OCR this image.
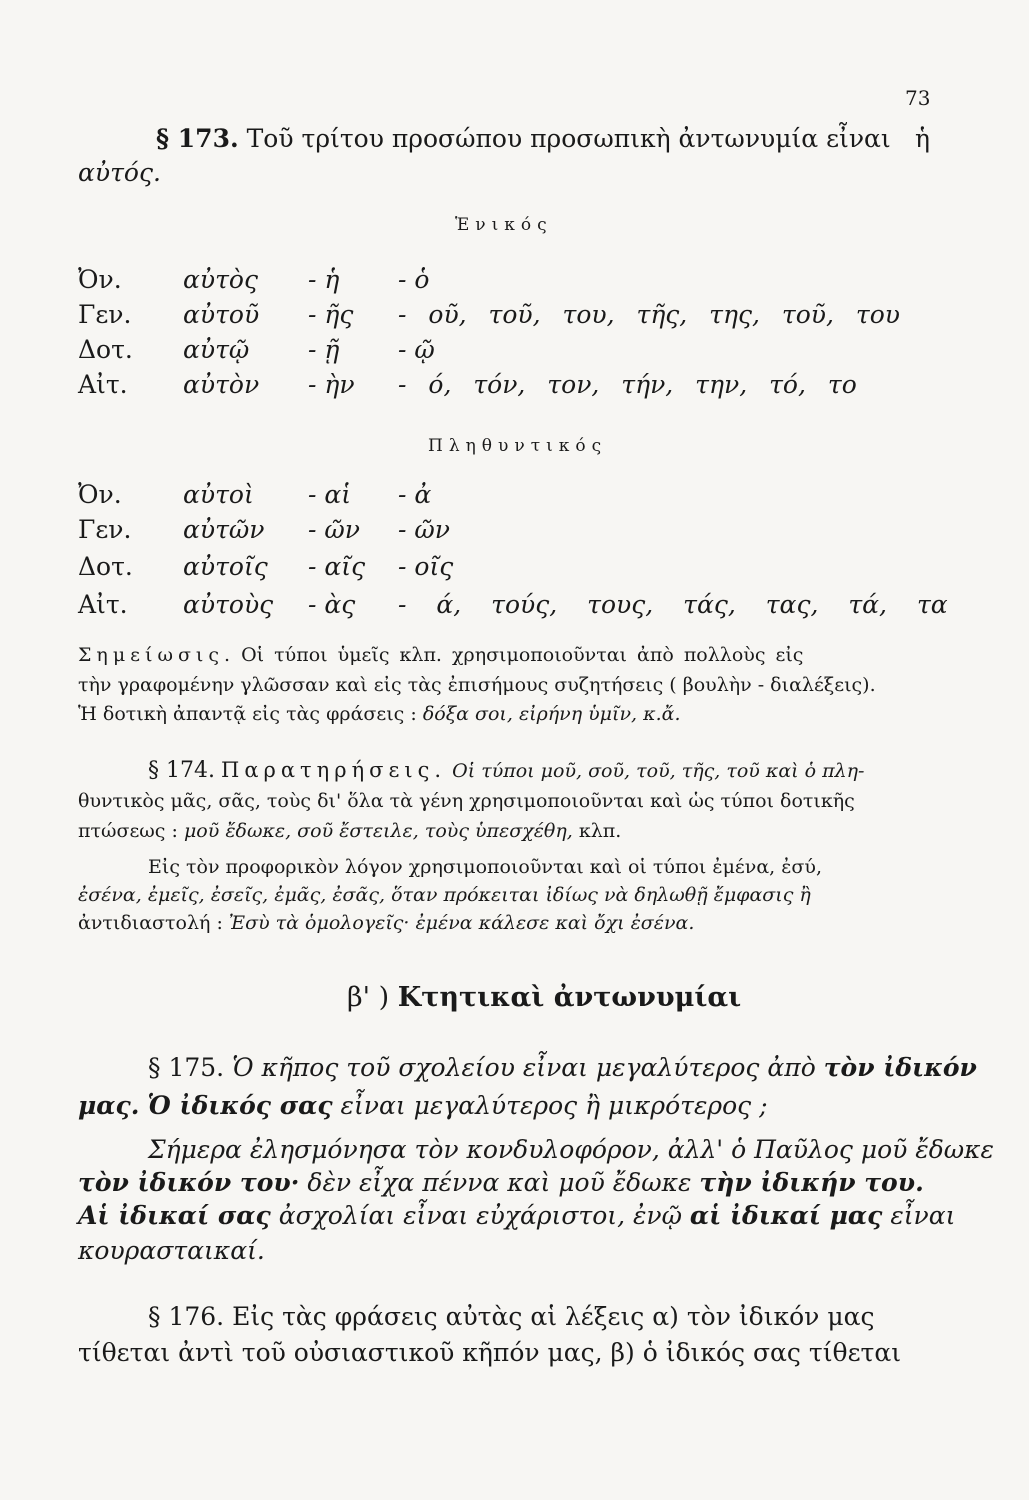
73
§ 173. Τοῦ τρίτου προσώπου προσωπικὴ ἀντωνυμία εἶναι ἡ
αὐτός.
Ἑνικός
Ὀν. αὐτὸς - ἡ - ὁ
Γεν. αὐτοῦ - ῆς - οῦ, τοῦ, του, τῆς, της, τοῦ, του
Δοτ. αὐτῷ - ῇ - ῷ
Αἰτ. αὐτὸν - ὴν - ό, τόν, τον, τήν, την, τό, το
Πληθυντικός
Ὀν. αὐτοὶ - αἱ - ἀ
Γεν. αὐτῶν - ῶν - ῶν
Δοτ. αὐτοῖς - αῖς - οῖς
Αἰτ. αὐτοὺς - ὰς - ά, τούς, τους, τάς, τας, τά, τα
Σημείωσις. Οἱ τύποι ὑμεῖς κλπ. χρησιμοποιοῦνται ἀπὸ πολλοὺς εἰς
τὴν γραφομένην γλῶσσαν καὶ εἰς τὰς ἐπισήμους συζητήσεις ( βουλὴν - διαλέξεις).
Ἡ δοτικὴ ἀπαντᾷ εἰς τὰς φράσεις : δόξα σοι, εἰρήνη ὑμῖν, κ.ἄ.
§ 174. Παρατηρήσεις. Οἱ τύποι μοῦ, σοῦ, τοῦ, τῆς, τοῦ καὶ ὁ πλη-
θυντικὸς μᾶς, σᾶς, τοὺς δι' ὅλα τὰ γένη χρησιμοποιοῦνται καὶ ὡς τύποι δοτικῆς
πτώσεως : μοῦ ἔδωκε, σοῦ ἔστειλε, τοὺς ὑπεσχέθη, κλπ.
Εἰς τὸν προφορικὸν λόγον χρησιμοποιοῦνται καὶ οἱ τύποι ἐμένα, ἐσύ,
ἐσένα, ἐμεῖς, ἐσεῖς, ἐμᾶς, ἐσᾶς, ὅταν πρόκειται ἰδίως νὰ δηλωθῇ ἔμφασις ἢ
ἀντιδιαστολή : Ἐσὺ τὰ ὁμολογεῖς· ἐμένα κάλεσε καὶ ὄχι ἐσένα.
β' ) Κτητικαὶ ἀντωνυμίαι
§ 175. Ὁ κῆπος τοῦ σχολείου εἶναι μεγαλύτερος ἀπὸ τὸν ἰδικόν
μας. Ὁ ἰδικός σας εἶναι μεγαλύτερος ἢ μικρότερος ;
Σήμερα ἐλησμόνησα τὸν κονδυλοφόρον, ἀλλ' ὁ Παῦλος μοῦ ἔδωκε
τὸν ἰδικόν του· δὲν εἶχα πέννα καὶ μοῦ ἔδωκε τὴν ἰδικήν του.
Αἱ ἰδικαί σας ἀσχολίαι εἶναι εὐχάριστοι, ἐνῷ αἱ ἰδικαί μας εἶναι
κουρασταικαί.
§ 176. Εἰς τὰς φράσεις αὐτὰς αἱ λέξεις α) τὸν ἰδικόν μας
τίθεται ἀντὶ τοῦ οὐσιαστικοῦ κῆπόν μας, β) ὁ ἰδικός σας τίθεται
